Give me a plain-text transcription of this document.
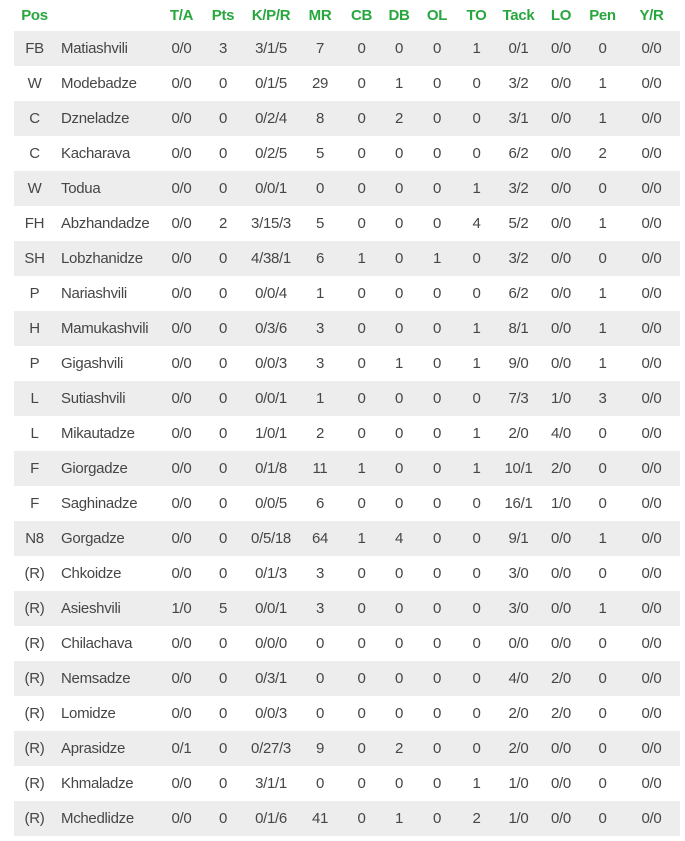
Pos		T/A	Pts	K/P/R	MR	CB	DB	OL	TO	Tack	LO	Pen	Y/R
FB	Matiashvili	0/0	3	3/1/5	7	0	0	0	1	0/1	0/0	0	0/0
W	Modebadze	0/0	0	0/1/5	29	0	1	0	0	3/2	0/0	1	0/0
C	Dzneladze	0/0	0	0/2/4	8	0	2	0	0	3/1	0/0	1	0/0
C	Kacharava	0/0	0	0/2/5	5	0	0	0	0	6/2	0/0	2	0/0
W	Todua	0/0	0	0/0/1	0	0	0	0	1	3/2	0/0	0	0/0
FH	Abzhandadze	0/0	2	3/15/3	5	0	0	0	4	5/2	0/0	1	0/0
SH	Lobzhanidze	0/0	0	4/38/1	6	1	0	1	0	3/2	0/0	0	0/0
P	Nariashvili	0/0	0	0/0/4	1	0	0	0	0	6/2	0/0	1	0/0
H	Mamukashvili	0/0	0	0/3/6	3	0	0	0	1	8/1	0/0	1	0/0
P	Gigashvili	0/0	0	0/0/3	3	0	1	0	1	9/0	0/0	1	0/0
L	Sutiashvili	0/0	0	0/0/1	1	0	0	0	0	7/3	1/0	3	0/0
L	Mikautadze	0/0	0	1/0/1	2	0	0	0	1	2/0	4/0	0	0/0
F	Giorgadze	0/0	0	0/1/8	11	1	0	0	1	10/1	2/0	0	0/0
F	Saghinadze	0/0	0	0/0/5	6	0	0	0	0	16/1	1/0	0	0/0
N8	Gorgadze	0/0	0	0/5/18	64	1	4	0	0	9/1	0/0	1	0/0
(R)	Chkoidze	0/0	0	0/1/3	3	0	0	0	0	3/0	0/0	0	0/0
(R)	Asieshvili	1/0	5	0/0/1	3	0	0	0	0	3/0	0/0	1	0/0
(R)	Chilachava	0/0	0	0/0/0	0	0	0	0	0	0/0	0/0	0	0/0
(R)	Nemsadze	0/0	0	0/3/1	0	0	0	0	0	4/0	2/0	0	0/0
(R)	Lomidze	0/0	0	0/0/3	0	0	0	0	0	2/0	2/0	0	0/0
(R)	Aprasidze	0/1	0	0/27/3	9	0	2	0	0	2/0	0/0	0	0/0
(R)	Khmaladze	0/0	0	3/1/1	0	0	0	0	1	1/0	0/0	0	0/0
(R)	Mchedlidze	0/0	0	0/1/6	41	0	1	0	2	1/0	0/0	0	0/0
